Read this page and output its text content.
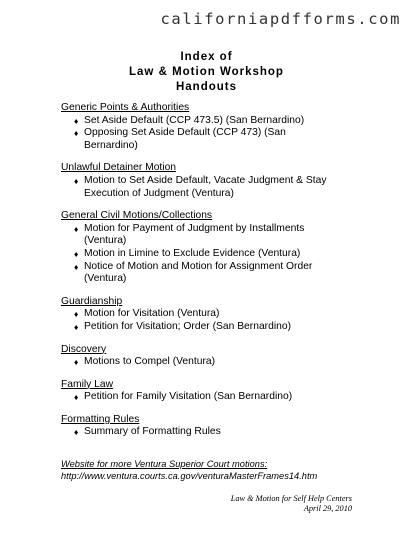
californiapdfforms.com
Index of
Law & Motion Workshop
Handouts
Generic Points & Authorities
♦ Set Aside Default (CCP 473.5) (San Bernardino)
♦ Opposing Set Aside Default (CCP 473) (San
Bernardino)
Unlawful Detainer Motion
♦ Motion to Set Aside Default, Vacate Judgment & Stay
Execution of Judgment (Ventura)
General Civil Motions/Collections
♦ Motion for Payment of Judgment by Installments
(Ventura)
♦ Motion in Limine to Exclude Evidence (Ventura)
♦ Notice of Motion and Motion for Assignment Order
(Ventura)
Guardianship
♦ Motion for Visitation (Ventura)
♦ Petition for Visitation; Order (San Bernardino)
Discovery
♦ Motions to Compel (Ventura)
Family Law
♦ Petition for Family Visitation (San Bernardino)
Formatting Rules
♦ Summary of Formatting Rules
Website for more Ventura Superior Court motions:
http://www.ventura.courts.ca.gov/venturaMasterFrames14.htm
Law & Motion for Self Help Centers
April 29, 2010
